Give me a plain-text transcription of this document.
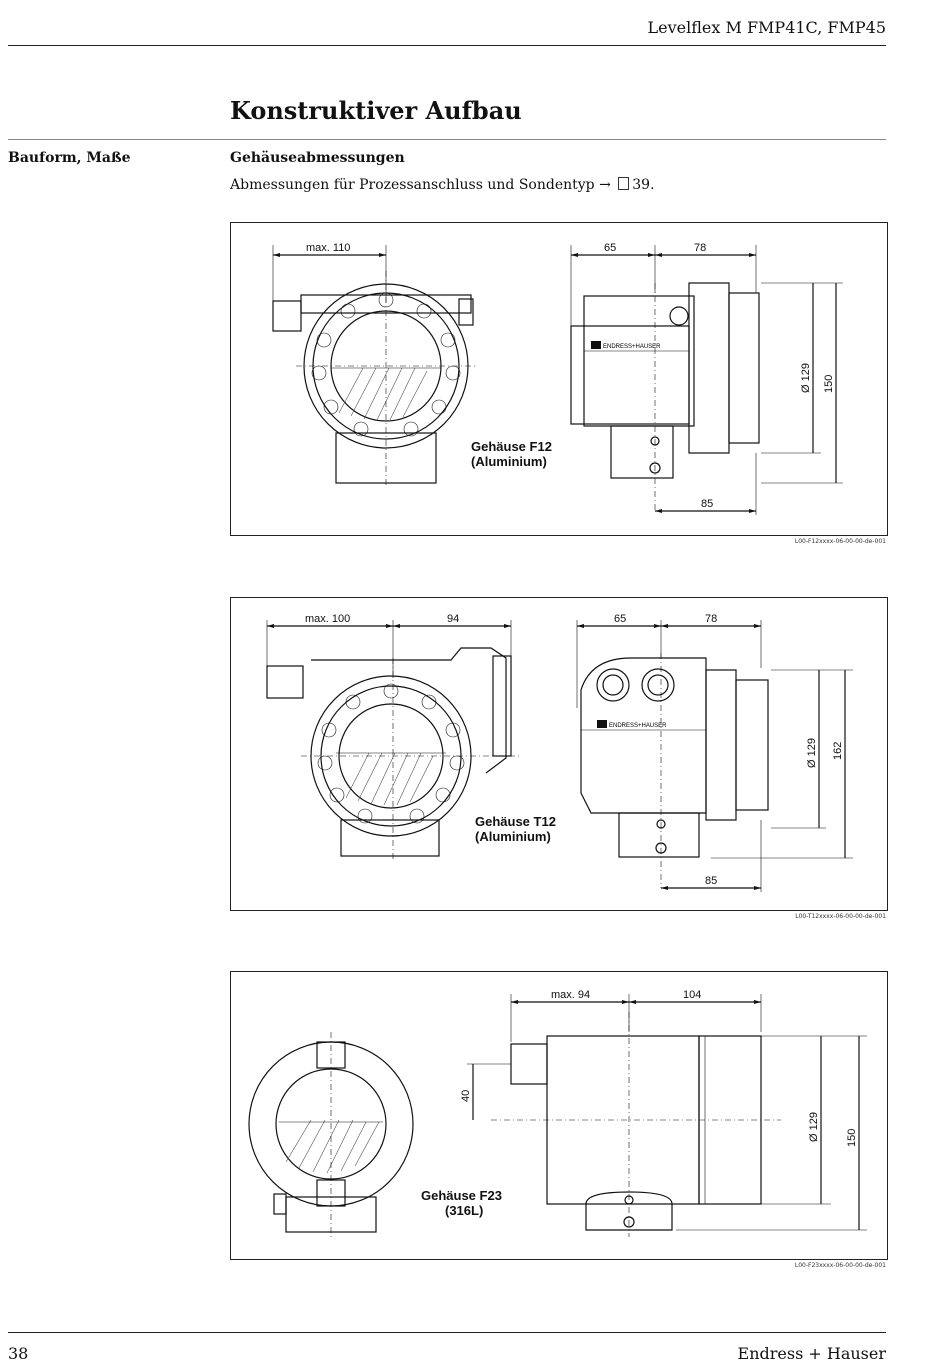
Levelflex M FMP41C, FMP45
Konstruktiver Aufbau
Bauform, Maße	Gehäuseabmessungen
Abmessungen für Prozessanschluss und Sondentyp → 39.
max. 110
Gehäuse F12
(Aluminium)
65	78
ENDRESS+HAUSER
Ø 129 150
85
L00-F12xxxx-06-00-00-de-001
max. 100	94
Gehäuse T12
(Aluminium)
65	78
ENDRESS+HAUSER
Ø 129 162
85
L00-T12xxxx-06-00-00-de-001
Gehäuse F23
(316L)
max. 94	104
40
Ø 129 150
L00-F23xxxx-06-00-00-de-001
38	Endress + Hauser
